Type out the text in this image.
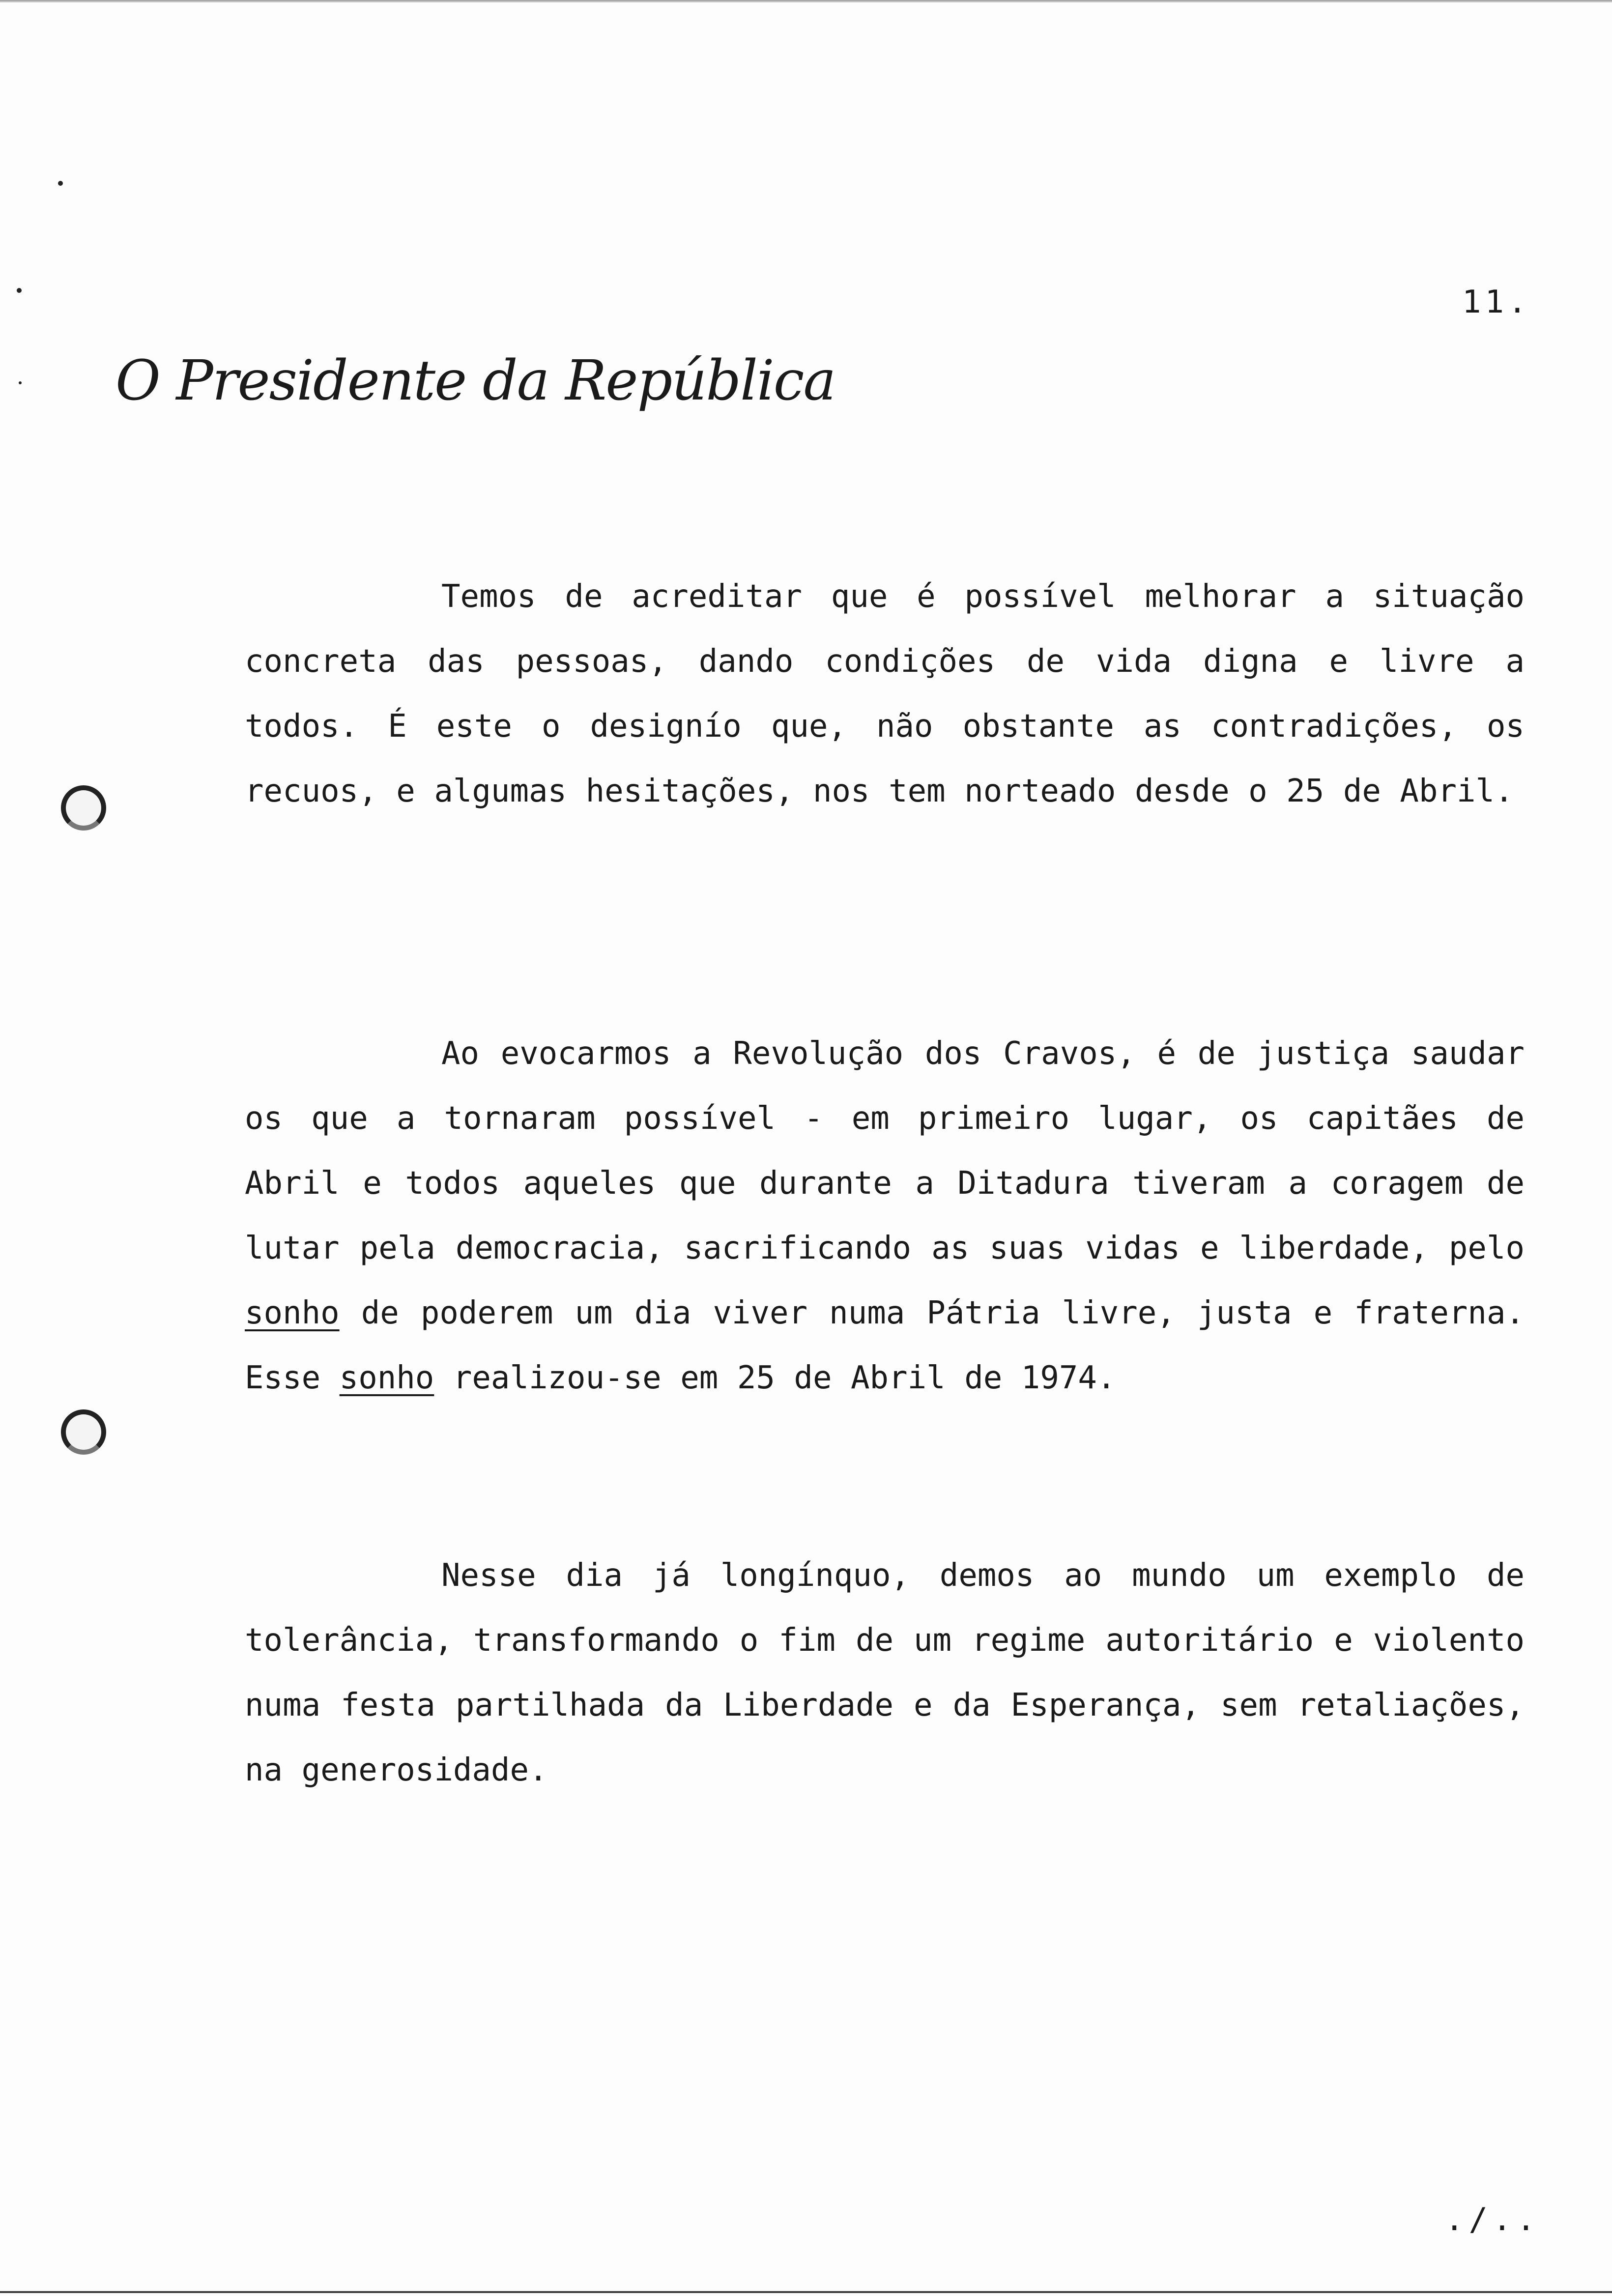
11.
O Presidente da República

Temos de acreditar que é possível melhorar a situação concreta das pessoas, dando condições de vida digna e livre a todos. É este o designío que, não obstante as contradições, os recuos, e algumas hesitações, nos tem norteado desde o 25 de Abril.

Ao evocarmos a Revolução dos Cravos, é de justiça saudar os que a tornaram possível - em primeiro lugar, os capitães de Abril e todos aqueles que durante a Ditadura tiveram a coragem de lutar pela democracia, sacrificando as suas vidas e liberdade, pelo sonho de poderem um dia viver numa Pátria livre, justa e fraterna. Esse sonho realizou-se em 25 de Abril de 1974.

Nesse dia já longínquo, demos ao mundo um exemplo de tolerância, transformando o fim de um regime autoritário e violento numa festa partilhada da Liberdade e da Esperança, sem retaliações, na generosidade.

./..
